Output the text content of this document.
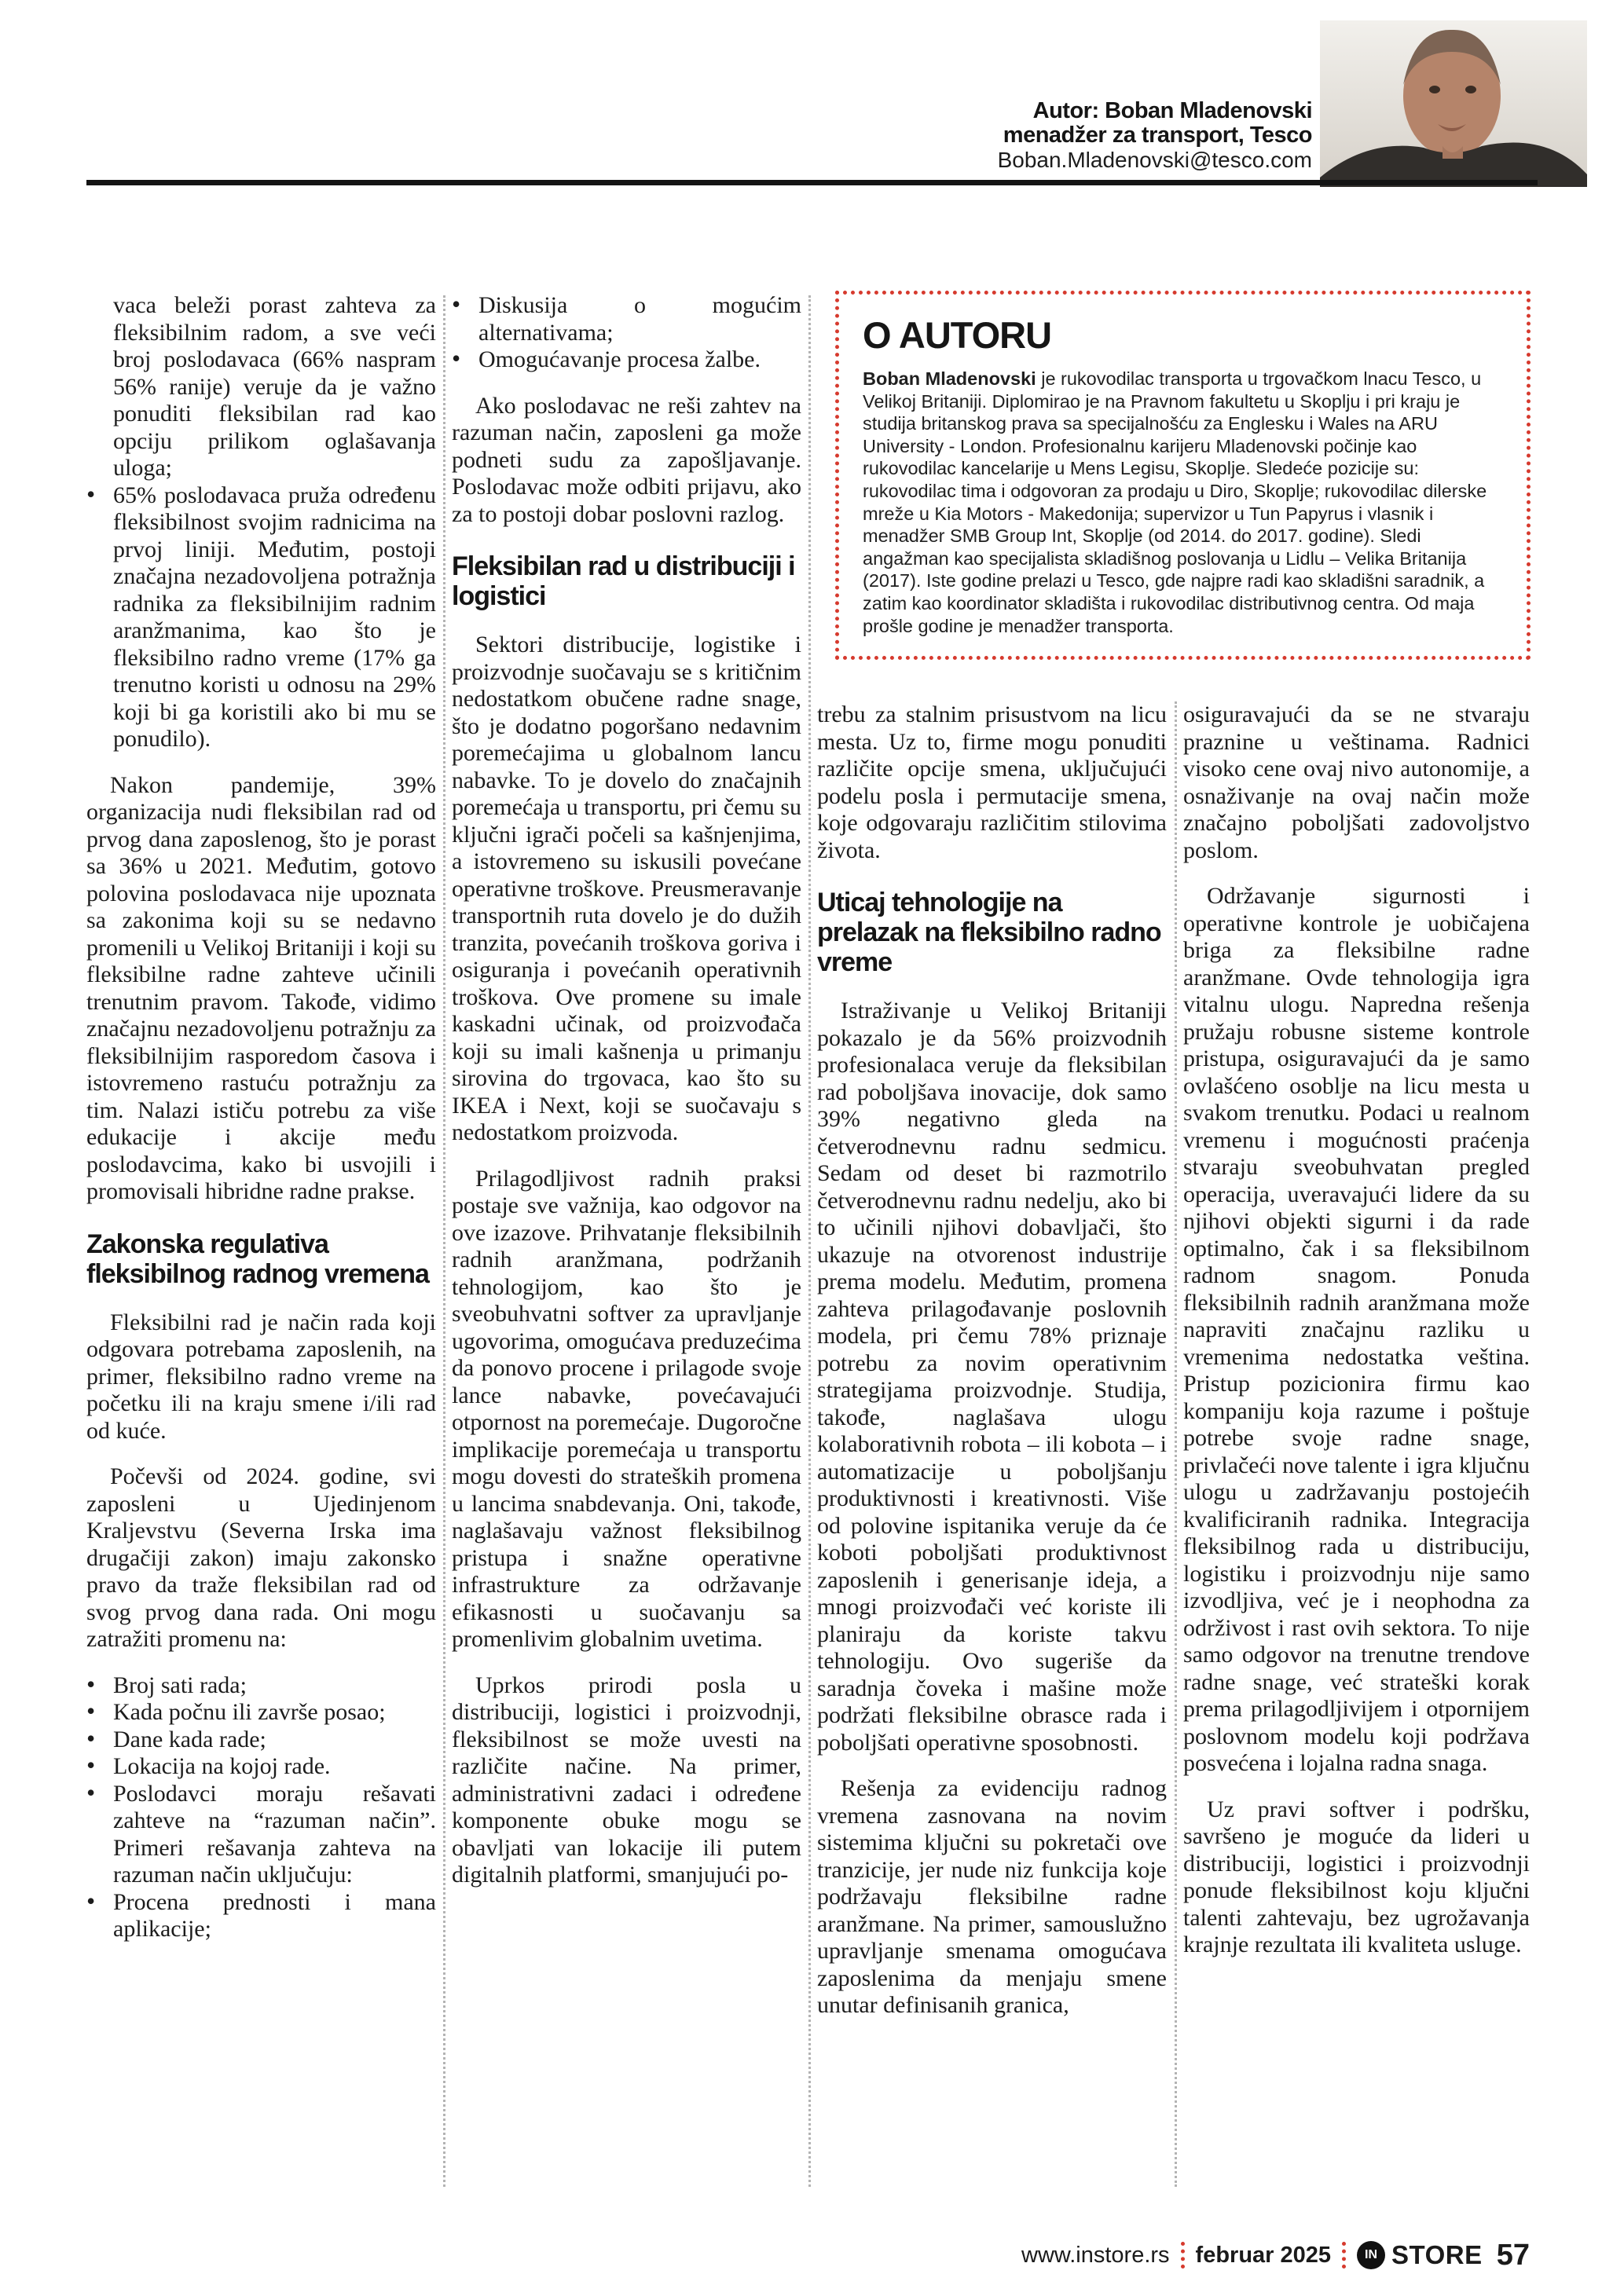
Autor: Boban Mladenovski
menadžer za transport, Tesco
Boban.Mladenovski@tesco.com
O AUTORU

Boban Mladenovski je rukovodilac transporta u trgovačkom lnacu Tesco, u Velikoj Britaniji. Diplomirao je na Pravnom fakultetu u Skoplju i pri kraju je studija britanskog prava sa specijalnošću za Englesku i Wales na ARU University - London. Profesionalnu karijeru Mladenovski počinje kao rukovodilac kancelarije u Mens Legisu, Skoplje. Sledeće pozicije su: rukovodilac tima i odgovoran za prodaju u Diro, Skoplje; rukovodilac dilerske mreže u Kia Motors - Makedonija; supervizor u Tun Papyrus i vlasnik i menadžer SMB Group Int, Skoplje (od 2014. do 2017. godine). Sledi angažman kao specijalista skladišnog poslovanja u Lidlu – Velika Britanija (2017). Iste godine prelazi u Tesco, gde najpre radi kao skladišni saradnik, a zatim kao koordinator skladišta i rukovodilac distributivnog centra. Od maja prošle godine je menadžer transporta.

vaca beleži porast zahteva za fleksibilnim radom, a sve veći broj poslodavaca (66% naspram 56% ranije) veruje da je važno ponuditi fleksibilan rad kao opciju prilikom oglašavanja uloga;

• 65% poslodavaca pruža određenu fleksibilnost svojim radnicima na prvoj liniji. Međutim, postoji značajna nezadovoljena potražnja radnika za fleksibilnijim radnim aranžmanima, kao što je fleksibilno radno vreme (17% ga trenutno koristi u odnosu na 29% koji bi ga koristili ako bi mu se ponudilo).

Nakon pandemije, 39% organizacija nudi fleksibilan rad od prvog dana zaposlenog, što je porast sa 36% u 2021. Međutim, gotovo polovina poslodavaca nije upoznata sa zakonima koji su se nedavno promenili u Velikoj Britaniji i koji su fleksibilne radne zahteve učinili trenutnim pravom. Takođe, vidimo značajnu nezadovoljenu potražnju za fleksibilnijim rasporedom časova i istovremeno rastuću potražnju za tim. Nalazi ističu potrebu za više edukacije i akcije među poslodavcima, kako bi usvojili i promovisali hibridne radne prakse.

Zakonska regulativa fleksibilnog radnog vremena

Fleksibilni rad je način rada koji odgovara potrebama zaposlenih, na primer, fleksibilno radno vreme na početku ili na kraju smene i/ili rad od kuće.

Počevši od 2024. godine, svi zaposleni u Ujedinjenom Kraljevstvu (Severna Irska ima drugačiji zakon) imaju zakonsko pravo da traže fleksibilan rad od svog prvog dana rada. Oni mogu zatražiti promenu na:

• Broj sati rada;

• Kada počnu ili završe posao;

• Dane kada rade;

• Lokacija na kojoj rade.

• Poslodavci moraju rešavati zahteve na “razuman način”. Primeri rešavanja zahteva na razuman način uključuju:

• Procena prednosti i mana aplikacije;

• Diskusija o mogućim alternativama;

• Omogućavanje procesa žalbe.

Ako poslodavac ne reši zahtev na razuman način, zaposleni ga može podneti sudu za zapošljavanje. Poslodavac može odbiti prijavu, ako za to postoji dobar poslovni razlog.

Fleksibilan rad u distribuciji i logistici

Sektori distribucije, logistike i proizvodnje suočavaju se s kritičnim nedostatkom obučene radne snage, što je dodatno pogoršano nedavnim poremećajima u globalnom lancu nabavke. To je dovelo do značajnih poremećaja u transportu, pri čemu su ključni igrači počeli sa kašnjenjima, a istovremeno su iskusili povećane operativne troškove. Preusmeravanje transportnih ruta dovelo je do dužih tranzita, povećanih troškova goriva i osiguranja i povećanih operativnih troškova. Ove promene su imale kaskadni učinak, od proizvođača koji su imali kašnenja u primanju sirovina do trgovaca, kao što su IKEA i Next, koji se suočavaju s nedostatkom proizvoda.

Prilagodljivost radnih praksi postaje sve važnija, kao odgovor na ove izazove. Prihvatanje fleksibilnih radnih aranžmana, podržanih tehnologijom, kao što je sveobuhvatni softver za upravljanje ugovorima, omogućava preduzećima da ponovo procene i prilagode svoje lance nabavke, povećavajući otpornost na poremećaje. Dugoročne implikacije poremećaja u transportu mogu dovesti do strateških promena u lancima snabdevanja. Oni, takođe, naglašavaju važnost fleksibilnog pristupa i snažne operativne infrastrukture za održavanje efikasnosti u suočavanju sa promenlivim globalnim uvetima.

Uprkos prirodi posla u distribuciji, logistici i proizvodnji, fleksibilnost se može uvesti na različite načine. Na primer, administrativni zadaci i određene komponente obuke mogu se obavljati van lokacije ili putem digitalnih platformi, smanjujući po-

trebu za stalnim prisustvom na licu mesta. Uz to, firme mogu ponuditi različite opcije smena, uključujući podelu posla i permutacije smena, koje odgovaraju različitim stilovima života.

Uticaj tehnologije na prelazak na fleksibilno radno vreme

Istraživanje u Velikoj Britaniji pokazalo je da 56% proizvodnih profesionalaca veruje da fleksibilan rad poboljšava inovacije, dok samo 39% negativno gleda na četverodnevnu radnu sedmicu. Sedam od deset bi razmotrilo četverodnevnu radnu nedelju, ako bi to učinili njihovi dobavljači, što ukazuje na otvorenost industrije prema modelu. Međutim, promena zahteva prilagođavanje poslovnih modela, pri čemu 78% priznaje potrebu za novim operativnim strategijama proizvodnje. Studija, takođe, naglašava ulogu kolaborativnih robota – ili kobota – i automatizacije u poboljšanju produktivnosti i kreativnosti. Više od polovine ispitanika veruje da će koboti poboljšati produktivnost zaposlenih i generisanje ideja, a mnogi proizvođači već koriste ili planiraju da koriste takvu tehnologiju. Ovo sugeriše da saradnja čoveka i mašine može podržati fleksibilne obrasce rada i poboljšati operativne sposobnosti.

Rešenja za evidenciju radnog vremena zasnovana na novim sistemima ključni su pokretači ove tranzicije, jer nude niz funkcija koje podržavaju fleksibilne radne aranžmane. Na primer, samouslužno upravljanje smenama omogućava zaposlenima da menjaju smene unutar definisanih granica,

osiguravajući da se ne stvaraju praznine u veštinama. Radnici visoko cene ovaj nivo autonomije, a osnaživanje na ovaj način može značajno poboljšati zadovoljstvo poslom.

Održavanje sigurnosti i operativne kontrole je uobičajena briga za fleksibilne radne aranžmane. Ovde tehnologija igra vitalnu ulogu. Napredna rešenja pružaju robusne sisteme kontrole pristupa, osiguravajući da je samo ovlašćeno osoblje na licu mesta u svakom trenutku. Podaci u realnom vremenu i mogućnosti praćenja stvaraju sveobuhvatan pregled operacija, uveravajući lidere da su njihovi objekti sigurni i da rade optimalno, čak i sa fleksibilnom radnom snagom. Ponuda fleksibilnih radnih aranžmana može napraviti značajnu razliku u vremenima nedostatka veština. Pristup pozicionira firmu kao kompaniju koja razume i poštuje potrebe svoje radne snage, privlačeći nove talente i igra ključnu ulogu u zadržavanju postojećih kvalificiranih radnika. Integracija fleksibilnog rada u distribuciju, logistiku i proizvodnju nije samo izvodljiva, već je i neophodna za održivost i rast ovih sektora. To nije samo odgovor na trenutne trendove radne snage, već strateški korak prema prilagodljivijem i otpornijem poslovnom modelu koji podržava posvećena i lojalna radna snaga.

Uz pravi softver i podršku, savršeno je moguće da lideri u distribuciji, logistici i proizvodnji ponude fleksibilnost koju ključni talenti zahtevaju, bez ugrožavanja krajnje rezultata ili kvaliteta usluge.

www.instore.rs februar 2025	IN STORE 57
